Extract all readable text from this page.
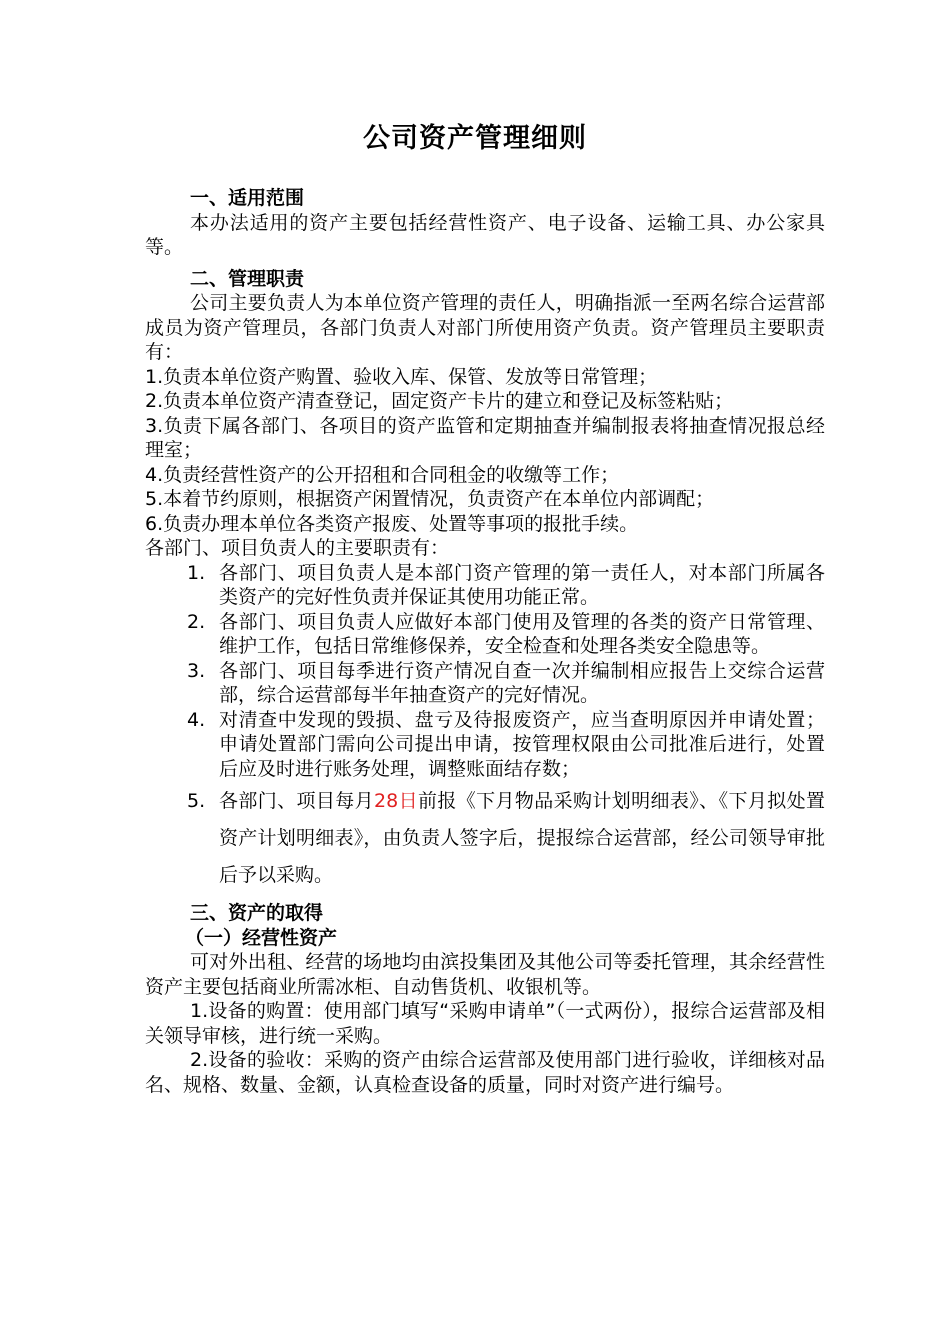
公司资产管理细则
一、适用范围
本办法适用的资产主要包括经营性资产、电子设备、运输工具、办公家具等。
二、管理职责
公司主要负责人为本单位资产管理的责任人，明确指派一至两名综合运营部成员为资产管理员，各部门负责人对部门所使用资产负责。资产管理员主要职责有：
1.负责本单位资产购置、验收入库、保管、发放等日常管理；
2.负责本单位资产清查登记，固定资产卡片的建立和登记及标签粘贴；
3.负责下属各部门、各项目的资产监管和定期抽查并编制报表将抽查情况报总经理室；
4.负责经营性资产的公开招租和合同租金的收缴等工作；
5.本着节约原则，根据资产闲置情况，负责资产在本单位内部调配；
6.负责办理本单位各类资产报废、处置等事项的报批手续。
各部门、项目负责人的主要职责有：
1. 各部门、项目负责人是本部门资产管理的第一责任人，对本部门所属各类资产的完好性负责并保证其使用功能正常。
2. 各部门、项目负责人应做好本部门使用及管理的各类的资产日常管理、维护工作，包括日常维修保养，安全检查和处理各类安全隐患等。
3. 各部门、项目每季进行资产情况自查一次并编制相应报告上交综合运营部，综合运营部每半年抽查资产的完好情况。
4. 对清查中发现的毁损、盘亏及待报废资产，应当查明原因并申请处置；申请处置部门需向公司提出申请，按管理权限由公司批准后进行，处置后应及时进行账务处理，调整账面结存数；
5. 各部门、项目每月28日前报《下月物品采购计划明细表》、《下月拟处置资产计划明细表》，由负责人签字后，提报综合运营部，经公司领导审批后予以采购。
三、资产的取得
（一）经营性资产
可对外出租、经营的场地均由滨投集团及其他公司等委托管理，其余经营性资产主要包括商业所需冰柜、自动售货机、收银机等。
1.设备的购置：使用部门填写“采购申请单”（一式两份），报综合运营部及相关领导审核，进行统一采购。
2.设备的验收：采购的资产由综合运营部及使用部门进行验收，详细核对品名、规格、数量、金额，认真检查设备的质量，同时对资产进行编号。
